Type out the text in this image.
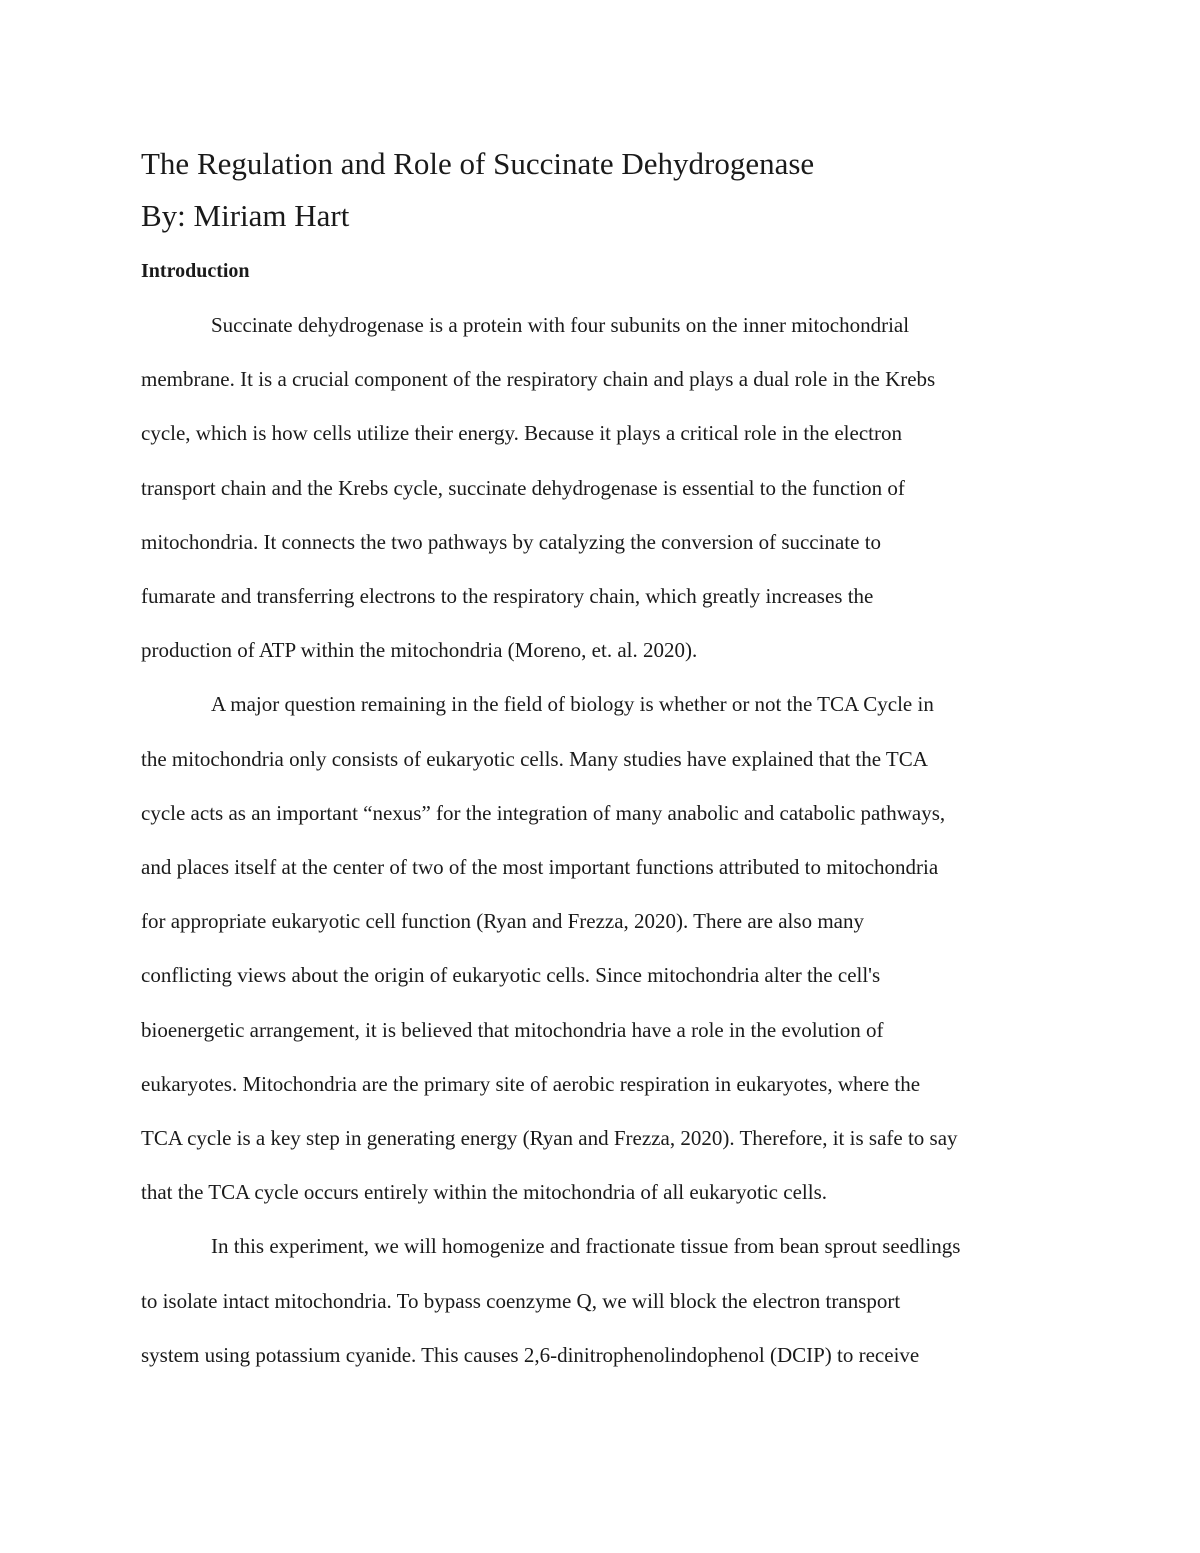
The Regulation and Role of Succinate Dehydrogenase
By: Miriam Hart
Introduction

Succinate dehydrogenase is a protein with four subunits on the inner mitochondrial
membrane. It is a crucial component of the respiratory chain and plays a dual role in the Krebs
cycle, which is how cells utilize their energy. Because it plays a critical role in the electron
transport chain and the Krebs cycle, succinate dehydrogenase is essential to the function of
mitochondria. It connects the two pathways by catalyzing the conversion of succinate to
fumarate and transferring electrons to the respiratory chain, which greatly increases the
production of ATP within the mitochondria (Moreno, et. al. 2020).

A major question remaining in the field of biology is whether or not the TCA Cycle in
the mitochondria only consists of eukaryotic cells. Many studies have explained that the TCA
cycle acts as an important “nexus” for the integration of many anabolic and catabolic pathways,
and places itself at the center of two of the most important functions attributed to mitochondria
for appropriate eukaryotic cell function (Ryan and Frezza, 2020). There are also many
conflicting views about the origin of eukaryotic cells. Since mitochondria alter the cell's
bioenergetic arrangement, it is believed that mitochondria have a role in the evolution of
eukaryotes. Mitochondria are the primary site of aerobic respiration in eukaryotes, where the
TCA cycle is a key step in generating energy (Ryan and Frezza, 2020). Therefore, it is safe to say
that the TCA cycle occurs entirely within the mitochondria of all eukaryotic cells.

In this experiment, we will homogenize and fractionate tissue from bean sprout seedlings
to isolate intact mitochondria. To bypass coenzyme Q, we will block the electron transport
system using potassium cyanide. This causes 2,6-dinitrophenolindophenol (DCIP) to receive
